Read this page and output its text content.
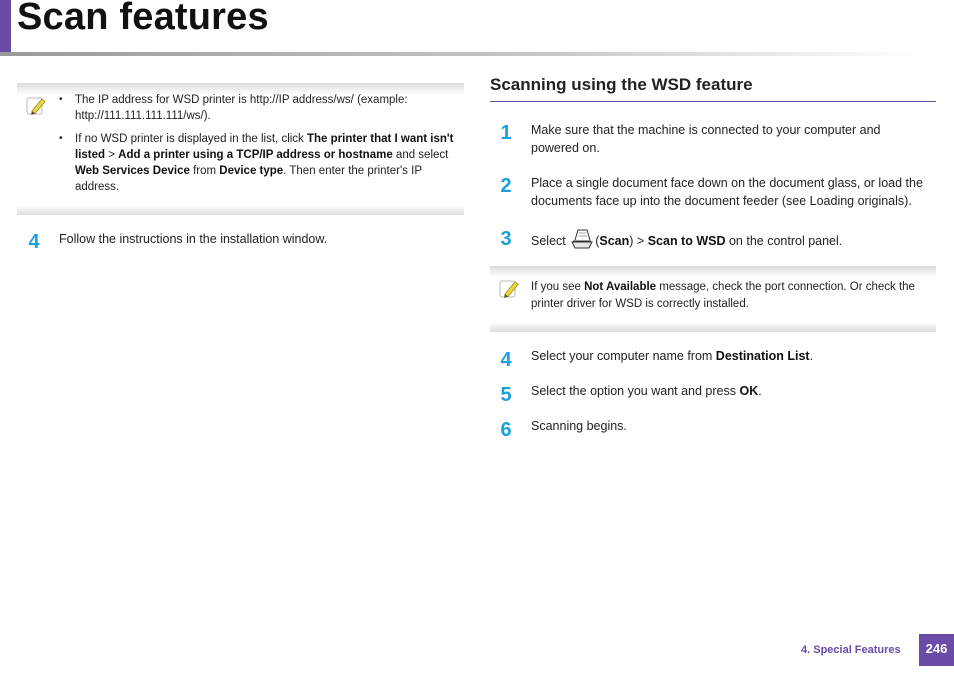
Scan features
• The IP address for WSD printer is http://IP address/ws/ (example: http://111.111.111.111/ws/).
• If no WSD printer is displayed in the list, click The printer that I want isn't listed > Add a printer using a TCP/IP address or hostname and select Web Services Device from Device type. Then enter the printer's IP address.
4	Follow the instructions in the installation window.
Scanning using the WSD feature
1	Make sure that the machine is connected to your computer and powered on.
2	Place a single document face down on the document glass, or load the documents face up into the document feeder (see Loading originals).
3	Select (Scan) > Scan to WSD on the control panel.
If you see Not Available message, check the port connection. Or check the printer driver for WSD is correctly installed.
4	Select your computer name from Destination List.
5	Select the option you want and press OK.
6	Scanning begins.
4. Special Features	246
